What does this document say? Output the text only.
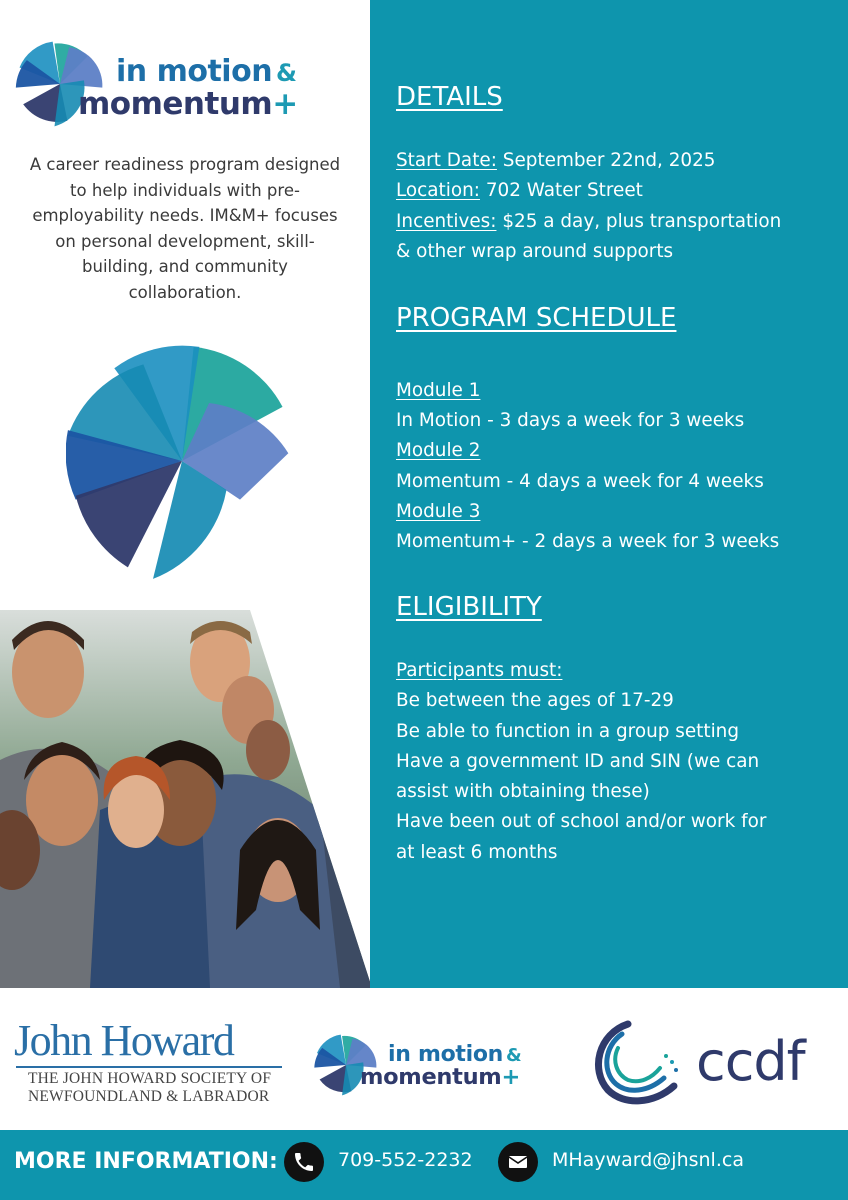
in motion &
momentum+

A career readiness program designed to help individuals with pre-employability needs. IM&M+ focuses on personal development, skill-building, and community collaboration.

DETAILS
Start Date: September 22nd, 2025
Location: 702 Water Street
Incentives: $25 a day, plus transportation
& other wrap around supports
PROGRAM SCHEDULE
Module 1
In Motion - 3 days a week for 3 weeks
Module 2
Momentum - 4 days a week for 4 weeks
Module 3
Momentum+ - 2 days a week for 3 weeks
ELIGIBILITY
Participants must:
Be between the ages of 17-29
Be able to function in a group setting
Have a government ID and SIN (we can
assist with obtaining these)
Have been out of school and/or work for
at least 6 months
John Howard
THE JOHN HOWARD SOCIETY OF
NEWFOUNDLAND & LABRADOR
in motion &
momentum+	ccdf
MORE INFORMATION:	709-552-2232	MHayward@jhsnl.ca
